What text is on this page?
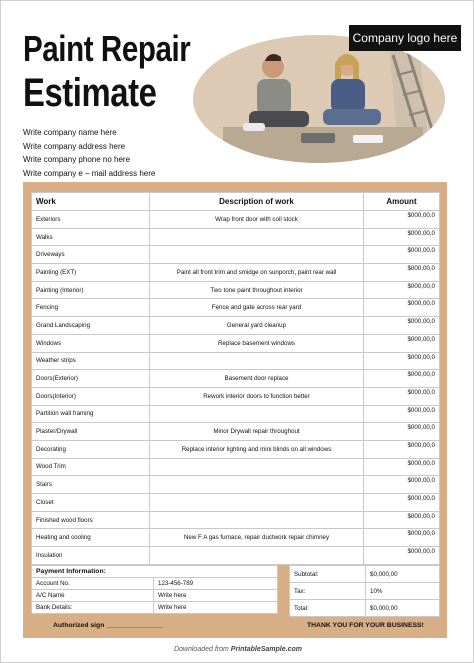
Paint Repair
Estimate
Company logo here
Write company name here
Write company address here
Write company phone no here
Write company e – mail address here
Work	Description of work	Amount
Exteriors	Wrap front door with coil stock	$000,00,0
Walks		$000,00,0
Driveways		$000,00,0
Painting (EXT)	Paint all front trim and smidge on sunporch, paint rear wall	$000,00,0
Painting (Interior)	Two tone paint throughout interior	$000,00,0
Fencing	Fence and gate across rear yard	$000,00,0
Grand Landscaping	General yard cleanup	$000,00,0
Windows	Replace basement windows	$000,00,0
Weather strips		$000,00,0
Doors(Exterior)	Basement door replace	$000,00,0
Doors(Interior)	Rework interior doors to function better	$000,00,0
Partition wall framing		$000,00,0
Plaster/Drywall	Minor Drywall repair throughout	$000,00,0
Decorating	Replace interior lighting and mini blinds on all windows	$000,00,0
Wood Trim		$000,00,0
Stairs		$000,00,0
Closet		$000,00,0
Finished wood floors		$000,00,0
Heating and cooling	New F A gas furnace, repair ductwork repair chimney	$000,00,0
Insulation		$000,00,0
Payment Information:	
Account No.	123-456-789
A/C Name	Write here
Bank Details:	Write here
Subtotal:	$0,000,00
Tax:	10%
Total:	$0,000,00
Authorized sign _______________	THANK YOU FOR YOUR BUSINESS!
Downloaded from PrintableSample.com
